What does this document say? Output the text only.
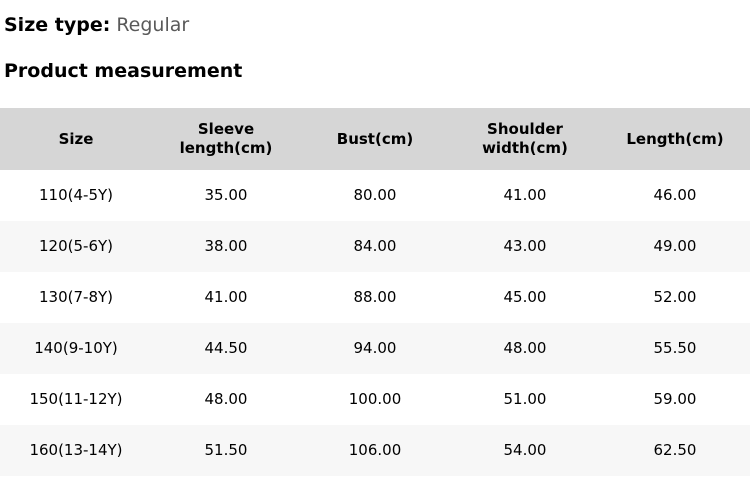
Size type: Regular
Product measurement
Size	Sleeve length(cm)	Bust(cm)	Shoulder width(cm)	Length(cm)
110(4-5Y)	35.00	80.00	41.00	46.00
120(5-6Y)	38.00	84.00	43.00	49.00
130(7-8Y)	41.00	88.00	45.00	52.00
140(9-10Y)	44.50	94.00	48.00	55.50
150(11-12Y)	48.00	100.00	51.00	59.00
160(13-14Y)	51.50	106.00	54.00	62.50
